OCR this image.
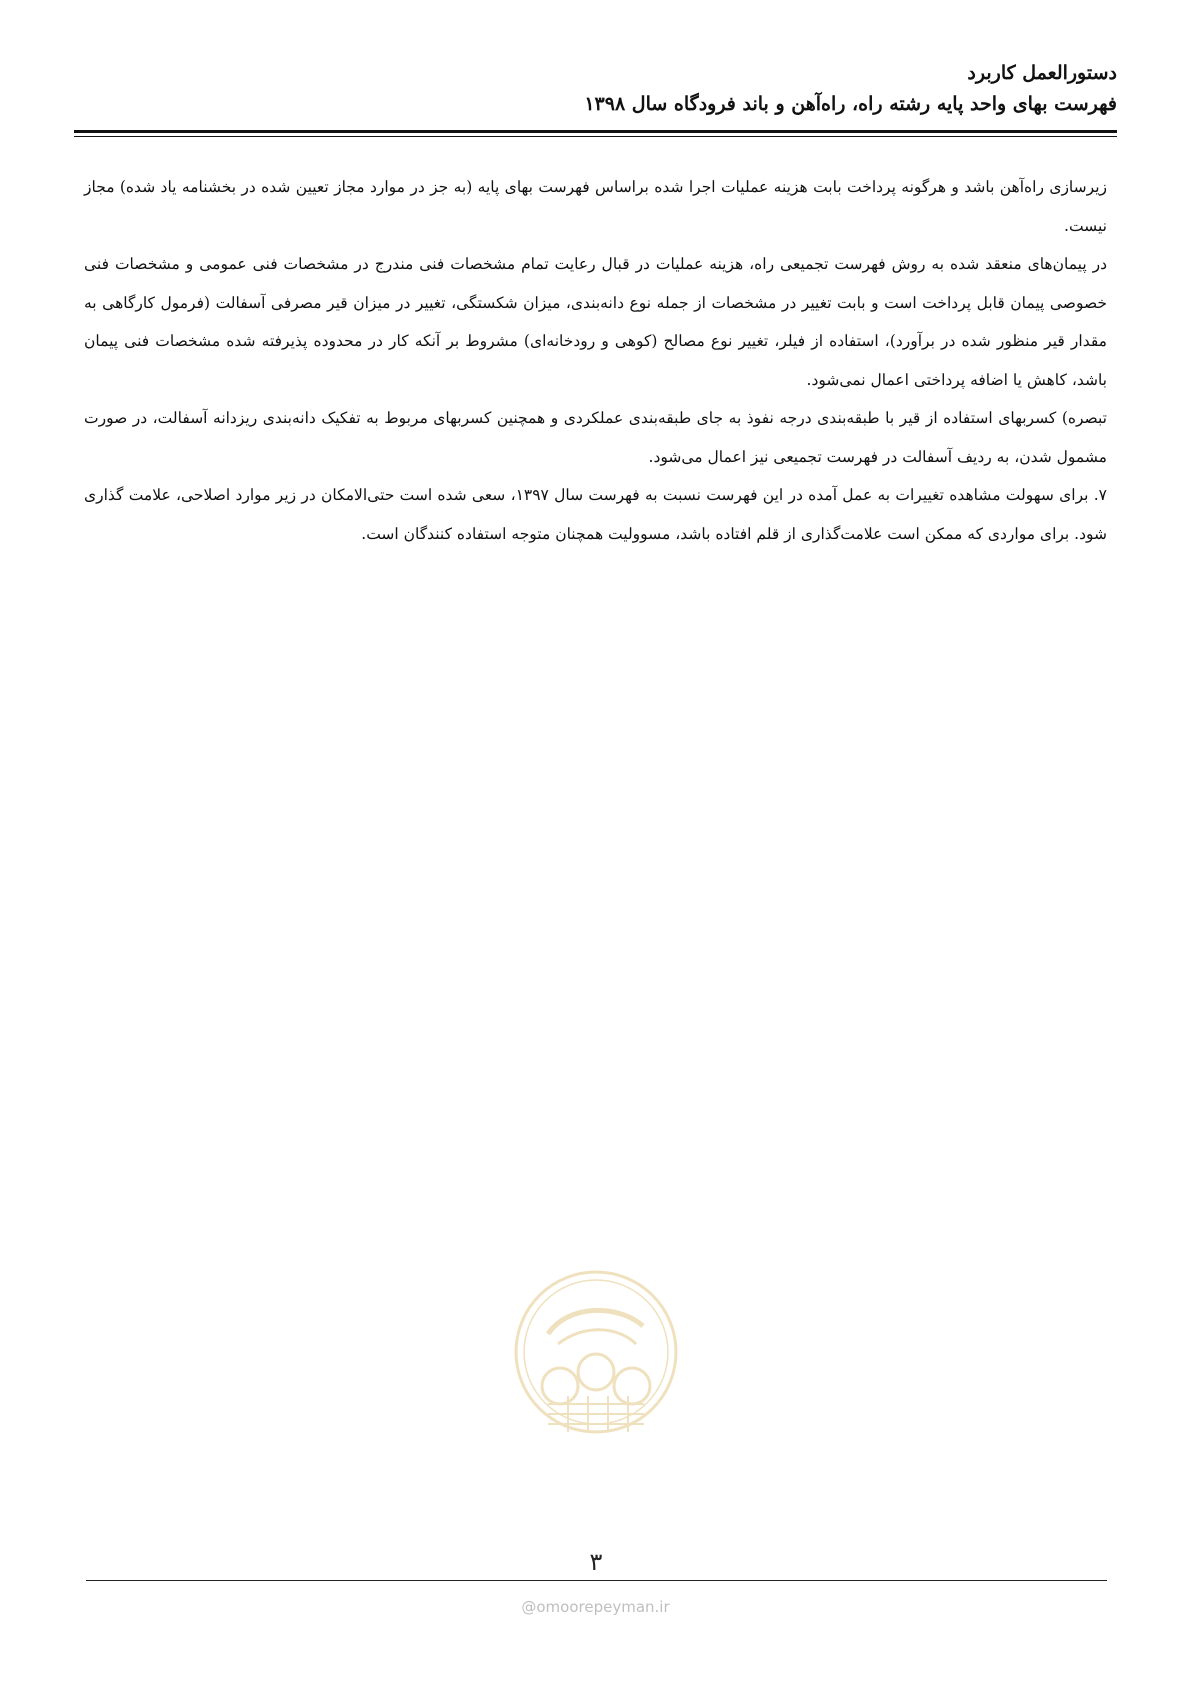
دستورالعمل کاربرد
فهرست بهای واحد پایه رشته راه، راه‌آهن و باند فرودگاه سال ۱۳۹۸

زیرسازی راه‌آهن باشد و هرگونه پرداخت بابت هزینه عملیات اجرا شده براساس فهرست بهای پایه (به جز در موارد مجاز تعیین شده در بخشنامه یاد شده) مجاز نیست.

در پیمان‌های منعقد شده به روش فهرست تجمیعی راه، هزینه عملیات در قبال رعایت تمام مشخصات فنی مندرج در مشخصات فنی عمومی و مشخصات فنی خصوصی پیمان قابل پرداخت است و بابت تغییر در مشخصات از جمله نوع دانه‌بندی، میزان شکستگی، تغییر در میزان قیر مصرفی آسفالت (فرمول کارگاهی به مقدار قیر منظور شده در برآورد)، استفاده از فیلر، تغییر نوع مصالح (کوهی و رودخانه‌ای) مشروط بر آنکه کار در محدوده پذیرفته شده مشخصات فنی پیمان باشد، کاهش یا اضافه پرداختی اعمال نمی‌شود.

تبصره) کسربهای استفاده از قیر با طبقه‌بندی درجه نفوذ به جای طبقه‌بندی عملکردی و همچنین کسربهای مربوط به تفکیک دانه‌بندی ریزدانه آسفالت، در صورت مشمول شدن، به ردیف آسفالت در فهرست تجمیعی نیز اعمال می‌شود.

۷. برای سهولت مشاهده تغییرات به عمل آمده در این فهرست نسبت به فهرست سال ۱۳۹۷، سعی شده است حتی‌الامکان در زیر موارد اصلاحی، علامت گذاری شود. برای مواردی که ممکن است علامت‌گذاری از قلم افتاده باشد، مسوولیت همچنان متوجه استفاده کنندگان است.

۳
@omoorepeyman.ir
